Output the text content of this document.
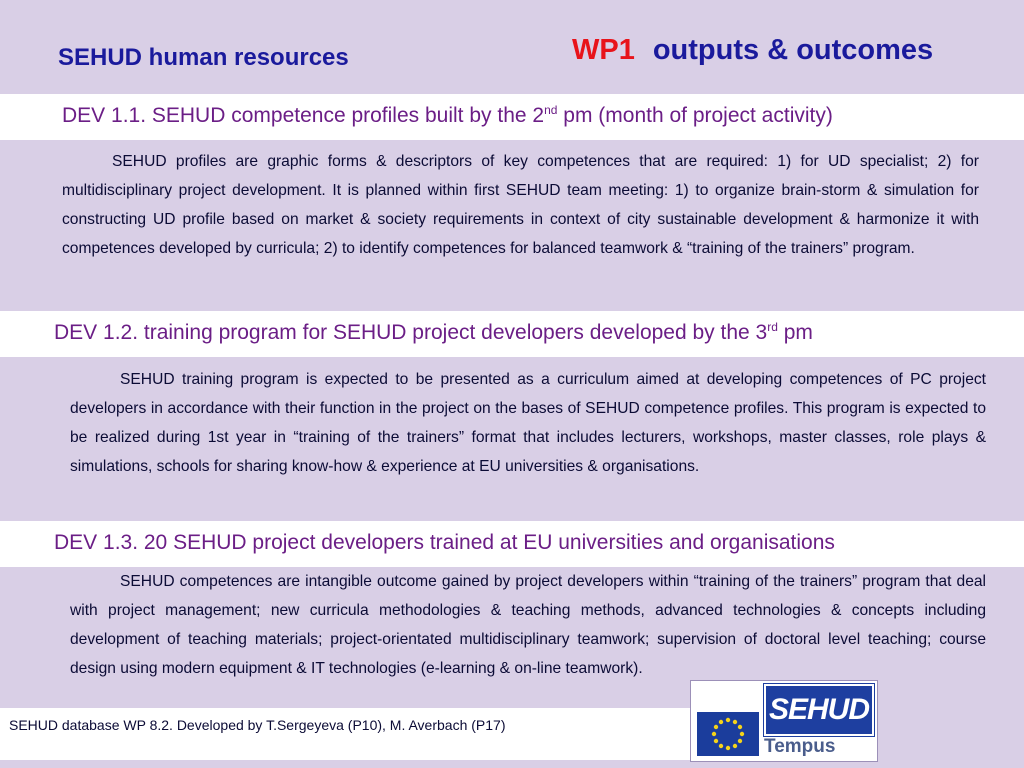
SEHUD human resources	WP1 outputs & outcomes
DEV 1.1. SEHUD competence profiles built by the 2nd pm (month of project activity)

SEHUD profiles are graphic forms & descriptors of key competences that are required: 1) for UD specialist; 2) for multidisciplinary project development. It is planned within first SEHUD team meeting: 1) to organize brain-storm & simulation for constructing UD profile based on market & society requirements in context of city sustainable development & harmonize it with competences developed by curricula; 2) to identify competences for balanced teamwork & “training of the trainers” program.

DEV 1.2. training program for SEHUD project developers developed by the 3rd pm

SEHUD training program is expected to be presented as a curriculum aimed at developing competences of PC project developers in accordance with their function in the project on the bases of SEHUD competence profiles. This program is expected to be realized during 1st year in “training of the trainers” format that includes lecturers, workshops, master classes, role plays & simulations, schools for sharing know-how & experience at EU universities & organisations.

DEV 1.3. 20 SEHUD project developers trained at EU universities and organisations

SEHUD competences are intangible outcome gained by project developers within “training of the trainers” program that deal with project management; new curricula methodologies & teaching methods, advanced technologies & concepts including development of teaching materials; project-orientated multidisciplinary teamwork; supervision of doctoral level teaching; course design using modern equipment & IT technologies (e-learning & on-line teamwork).

SEHUD database WP 8.2. Developed by T.Sergeyeva (P10), M. Averbach (P17)	SEHUD
Tempus
